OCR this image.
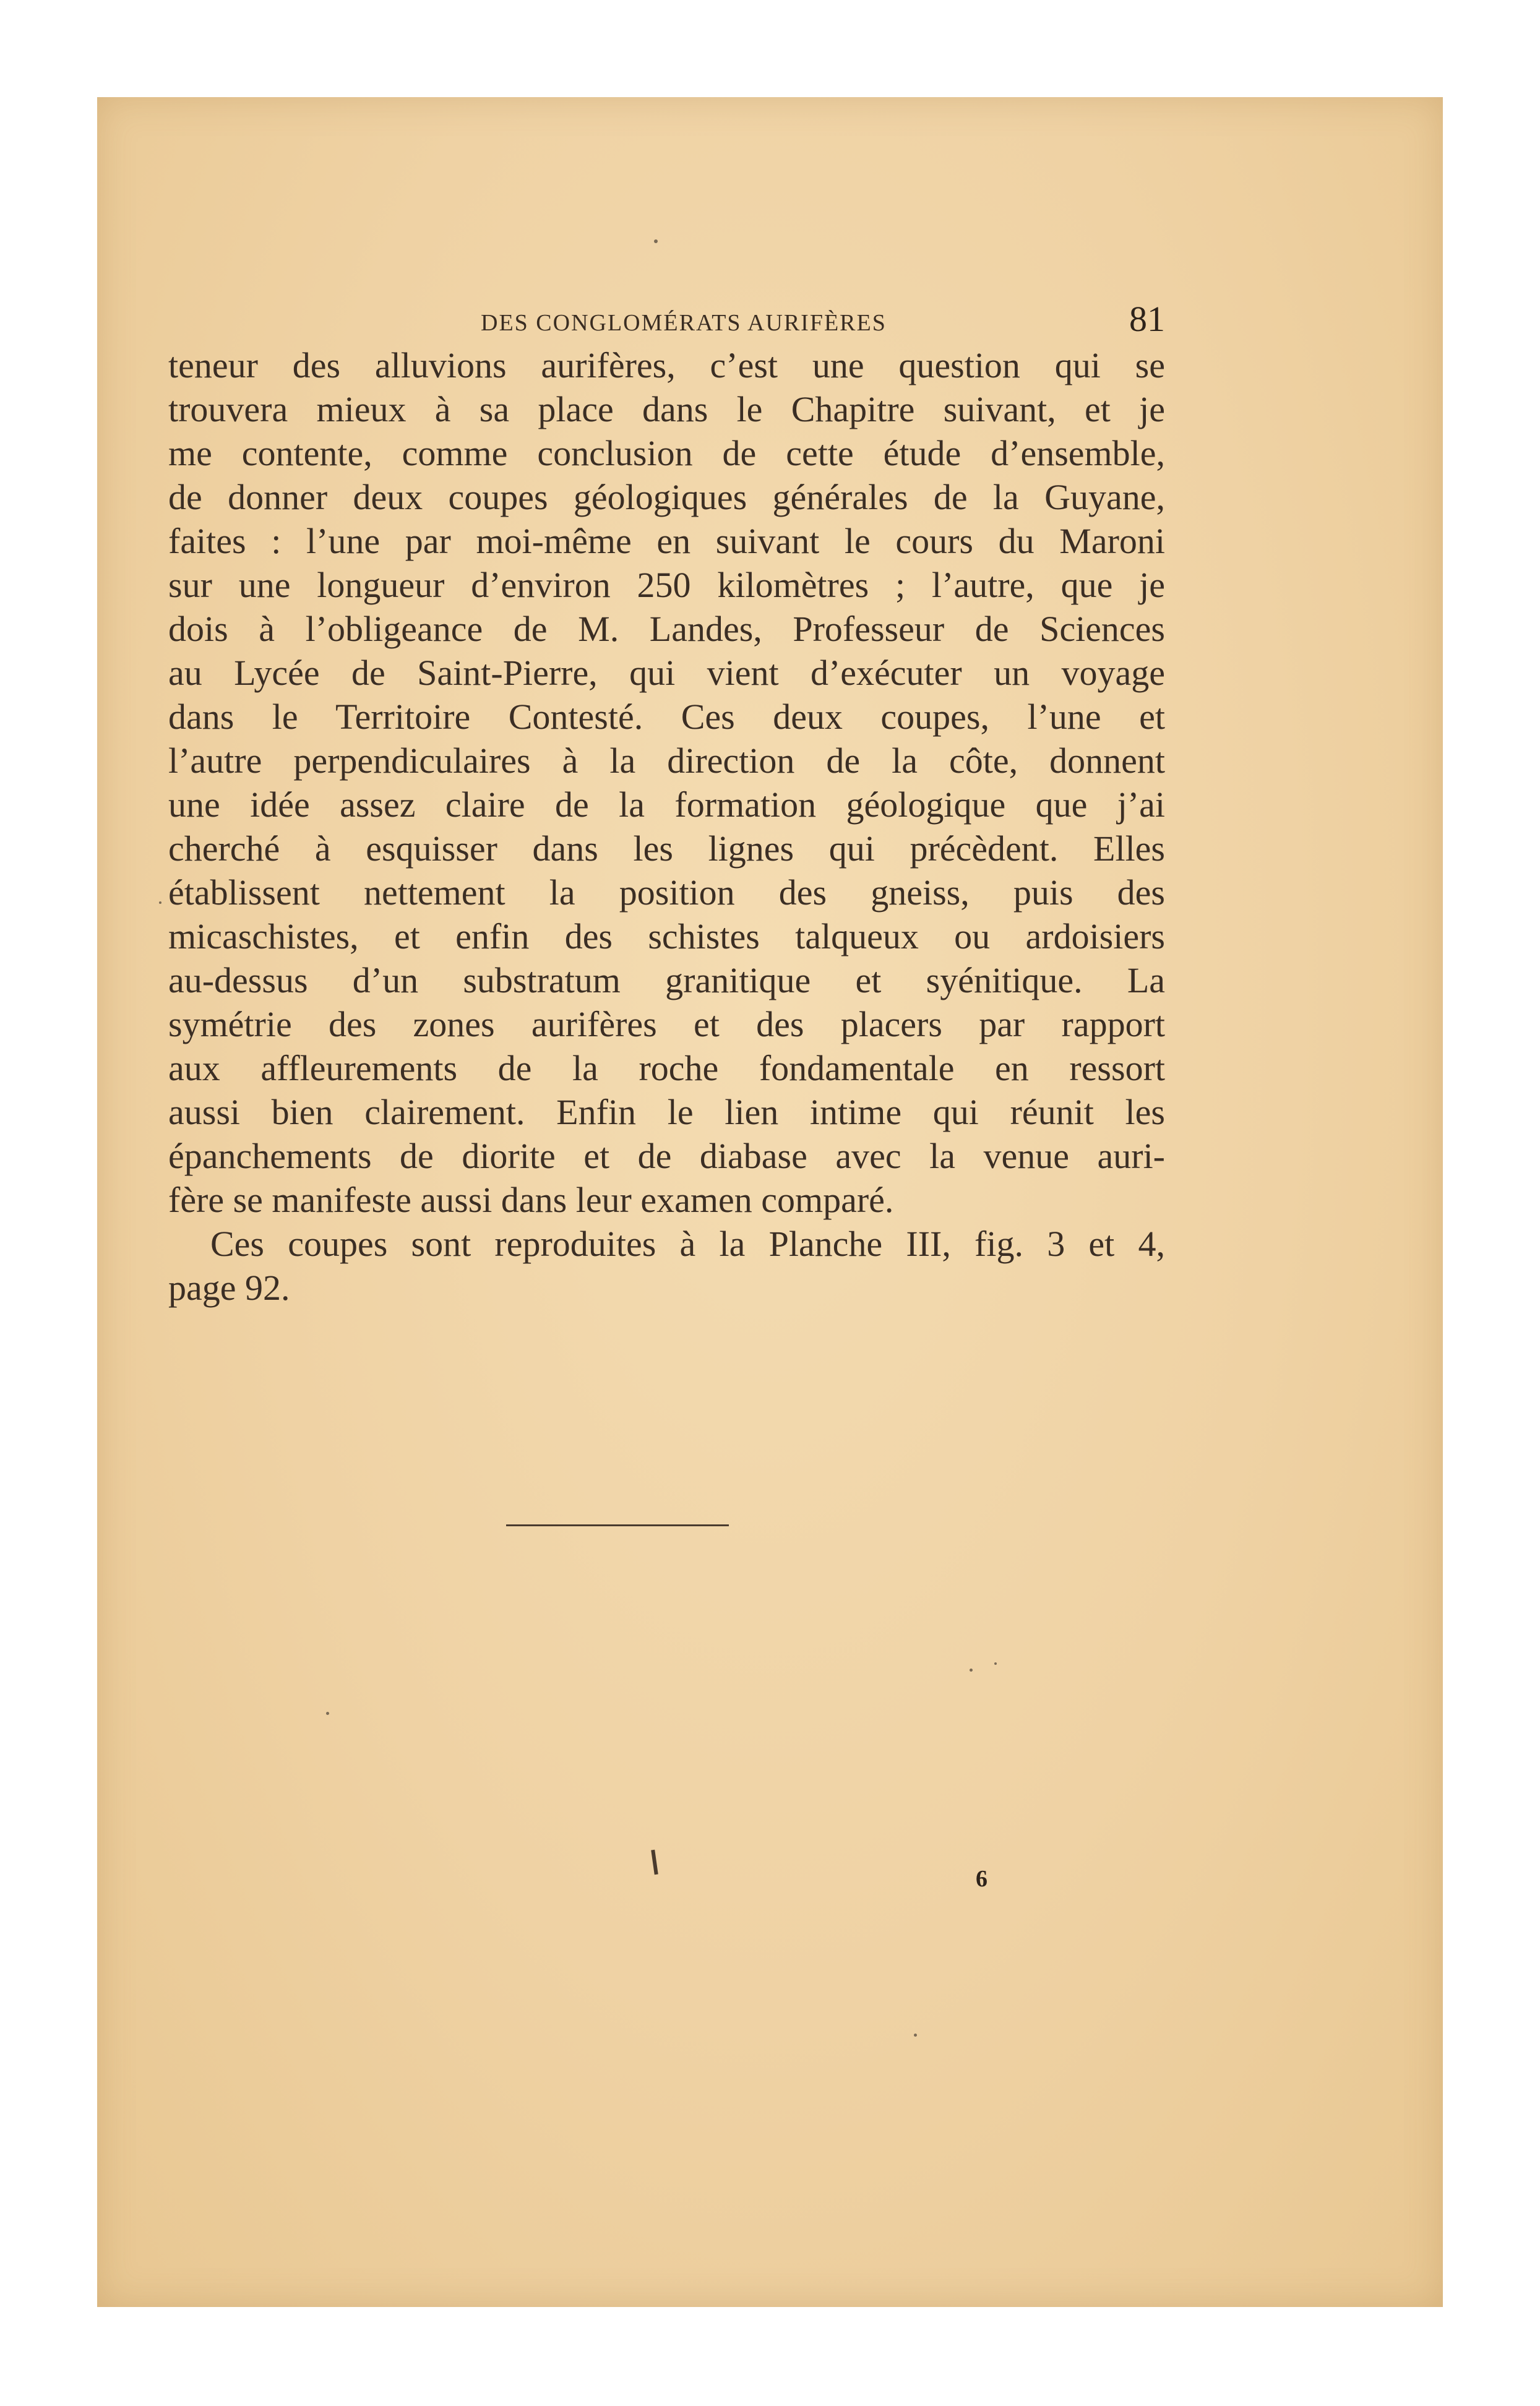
DES CONGLOMÉRATS AURIFÈRES	81
teneur des alluvions aurifères, c’est une question qui se
trouvera mieux à sa place dans le Chapitre suivant, et je
me contente, comme conclusion de cette étude d’ensemble,
de donner deux coupes géologiques générales de la Guyane,
faites : l’une par moi-même en suivant le cours du Maroni
sur une longueur d’environ 250 kilomètres ; l’autre, que je
dois à l’obligeance de M. Landes, Professeur de Sciences
au Lycée de Saint-Pierre, qui vient d’exécuter un voyage
dans le Territoire Contesté. Ces deux coupes, l’une et
l’autre perpendiculaires à la direction de la côte, donnent
une idée assez claire de la formation géologique que j’ai
cherché à esquisser dans les lignes qui précèdent. Elles
établissent nettement la position des gneiss, puis des
micaschistes, et enfin des schistes talqueux ou ardoisiers
au-dessus d’un substratum granitique et syénitique. La
symétrie des zones aurifères et des placers par rapport
aux affleurements de la roche fondamentale en ressort
aussi bien clairement. Enfin le lien intime qui réunit les
épanchements de diorite et de diabase avec la venue auri-
fère se manifeste aussi dans leur examen comparé.
Ces coupes sont reproduites à la Planche III, fig. 3 et 4,
page 92.
6
